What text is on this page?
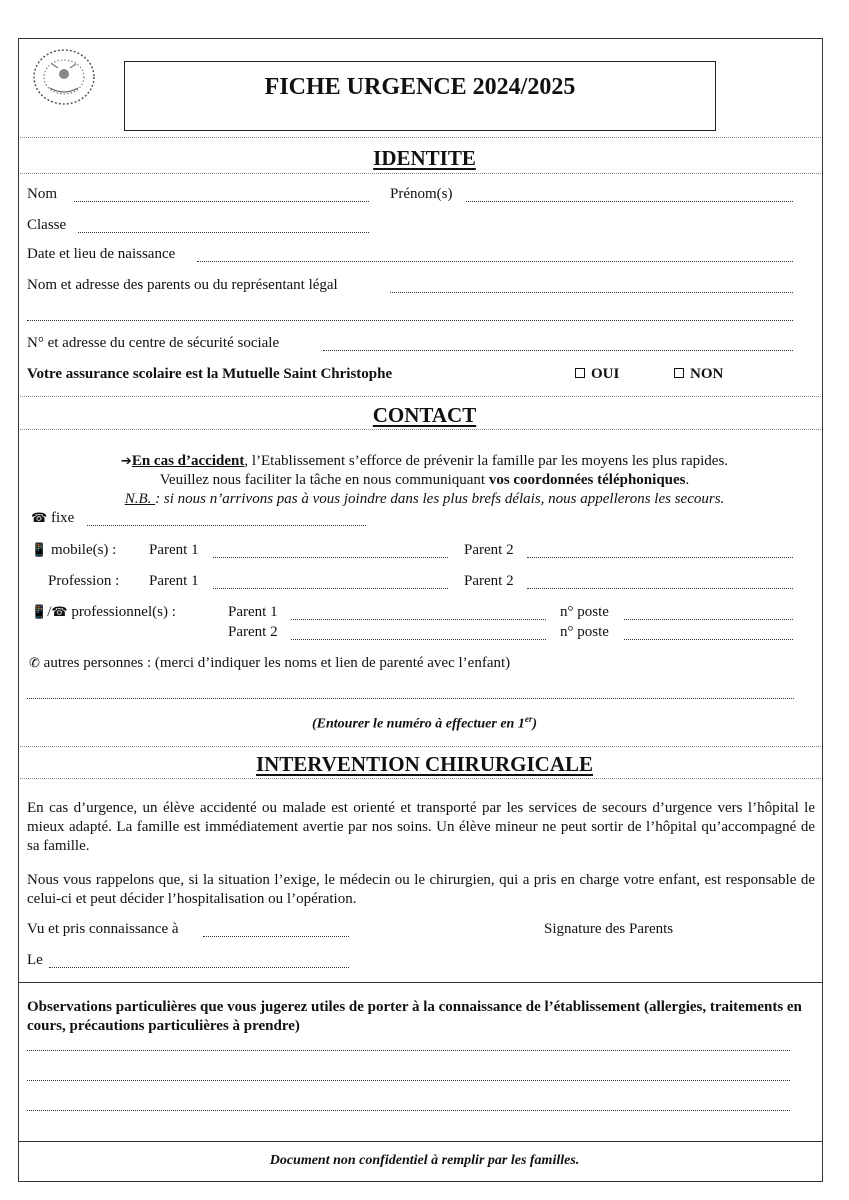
FICHE URGENCE 2024/2025
IDENTITE
Nom	Prénom(s)
Classe
Date et lieu de naissance
Nom et adresse des parents ou du représentant légal
N° et adresse du centre de sécurité sociale
Votre assurance scolaire est la Mutuelle Saint Christophe	OUI	NON
CONTACT
➔En cas d’accident, l’Etablissement s’efforce de prévenir la famille par les moyens les plus rapides.
Veuillez nous faciliter la tâche en nous communiquant vos coordonnées téléphoniques.
N.B. : si nous n’arrivons pas à vous joindre dans les plus brefs délais, nous appellerons les secours.
☎ fixe
📱 mobile(s) : Parent 1	Parent 2
Profession : Parent 1	Parent 2
📱/☎ professionnel(s) :	Parent 1	n° poste
Parent 2	n° poste
✆ autres personnes : (merci d’indiquer les noms et lien de parenté avec l’enfant)
(Entourer le numéro à effectuer en 1er)
INTERVENTION CHIRURGICALE
En cas d’urgence, un élève accidenté ou malade est orienté et transporté par les services de secours d’urgence vers l’hôpital le mieux adapté. La famille est immédiatement avertie par nos soins. Un élève mineur ne peut sortir de l’hôpital qu’accompagné de sa famille.
Nous vous rappelons que, si la situation l’exige, le médecin ou le chirurgien, qui a pris en charge votre enfant, est responsable de celui-ci et peut décider l’hospitalisation ou l’opération.
Vu et pris connaissance à	Signature des Parents
Le
Observations particulières que vous jugerez utiles de porter à la connaissance de l’établissement (allergies, traitements en cours, précautions particulières à prendre)
Document non confidentiel à remplir par les familles.
